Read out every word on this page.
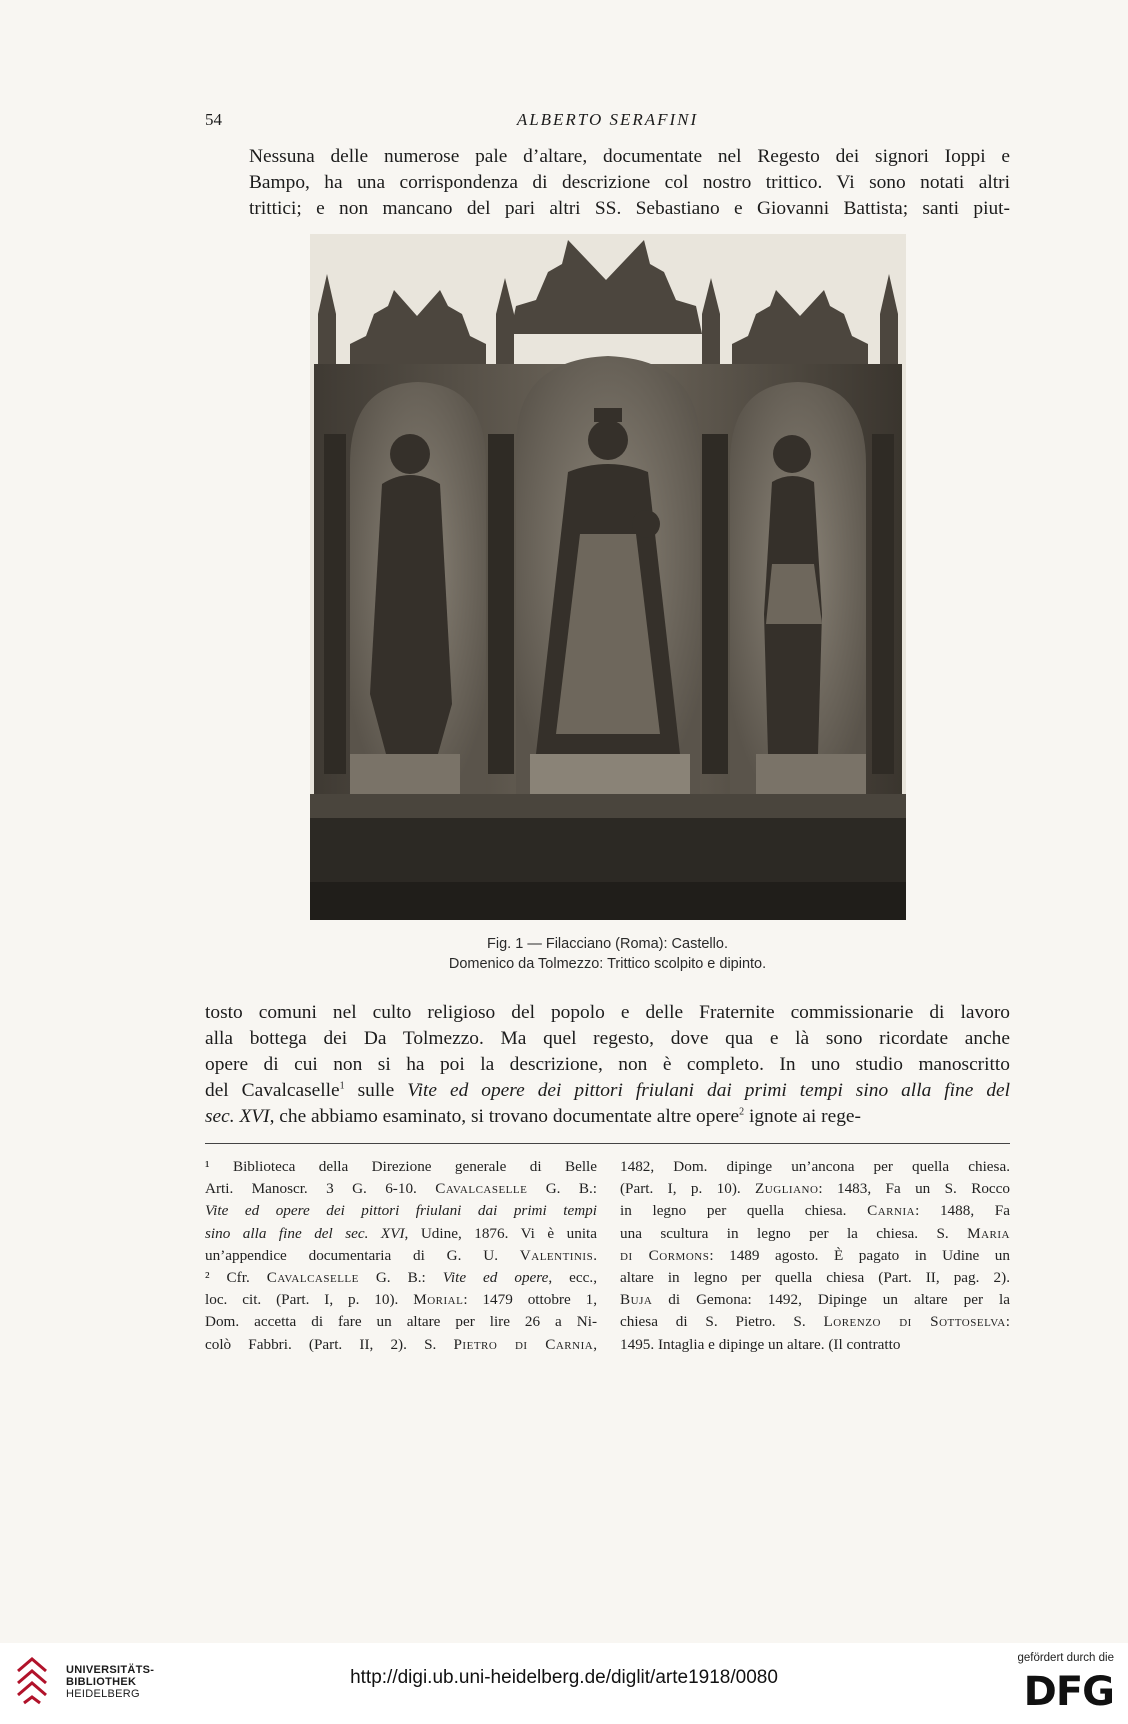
54	ALBERTO SERAFINI

Nessuna delle numerose pale d’altare, documentate nel Regesto dei signori Ioppi e
Bampo, ha una corrispondenza di descrizione col nostro trittico. Vi sono notati altri
trittici; e non mancano del pari altri SS. Sebastiano e Giovanni Battista; santi piut-

Fig. 1 — Filacciano (Roma): Castello.
Domenico da Tolmezzo: Trittico scolpito e dipinto.

tosto comuni nel culto religioso del popolo e delle Fraternite commissionarie di lavoro
alla bottega dei Da Tolmezzo. Ma quel regesto, dove qua e là sono ricordate anche
opere di cui non si ha poi la descrizione, non è completo. In uno studio manoscritto
del Cavalcaselle$^1$ sulle Vite ed opere dei pittori friulani dai primi tempi sino alla fine del
sec. XVI, che abbiamo esaminato, si trovano documentate altre opere$^2$ ignote ai rege-

¹ Biblioteca della Direzione generale di Belle
Arti. Manoscr. 3 G. 6-10. Cavalcaselle G. B.:
Vite ed opere dei pittori friulani dai primi tempi
sino alla fine del sec. XVI, Udine, 1876. Vi è unita
un’appendice documentaria di G. U. Valentinis.
² Cfr. Cavalcaselle G. B.: Vite ed opere, ecc.,
loc. cit. (Part. I, p. 10). Morial: 1479 ottobre 1,
Dom. accetta di fare un altare per lire 26 a Ni-
colò Fabbri. (Part. II, 2). S. Pietro di Carnia,
1482, Dom. dipinge un’ancona per quella chiesa.
(Part. I, p. 10). Zugliano: 1483, Fa un S. Rocco
in legno per quella chiesa. Carnia: 1488, Fa
una scultura in legno per la chiesa. S. Maria
di Cormons: 1489 agosto. È pagato in Udine un
altare in legno per quella chiesa (Part. II, pag. 2).
Buja di Gemona: 1492, Dipinge un altare per la
chiesa di S. Pietro. S. Lorenzo di Sottoselva:
1495. Intaglia e dipinge un altare. (Il contratto
UNIVERSITÄTS-
BIBLIOTHEK
HEIDELBERG
http://digi.ub.uni-heidelberg.de/diglit/arte1918/0080
gefördert durch die
DFG
